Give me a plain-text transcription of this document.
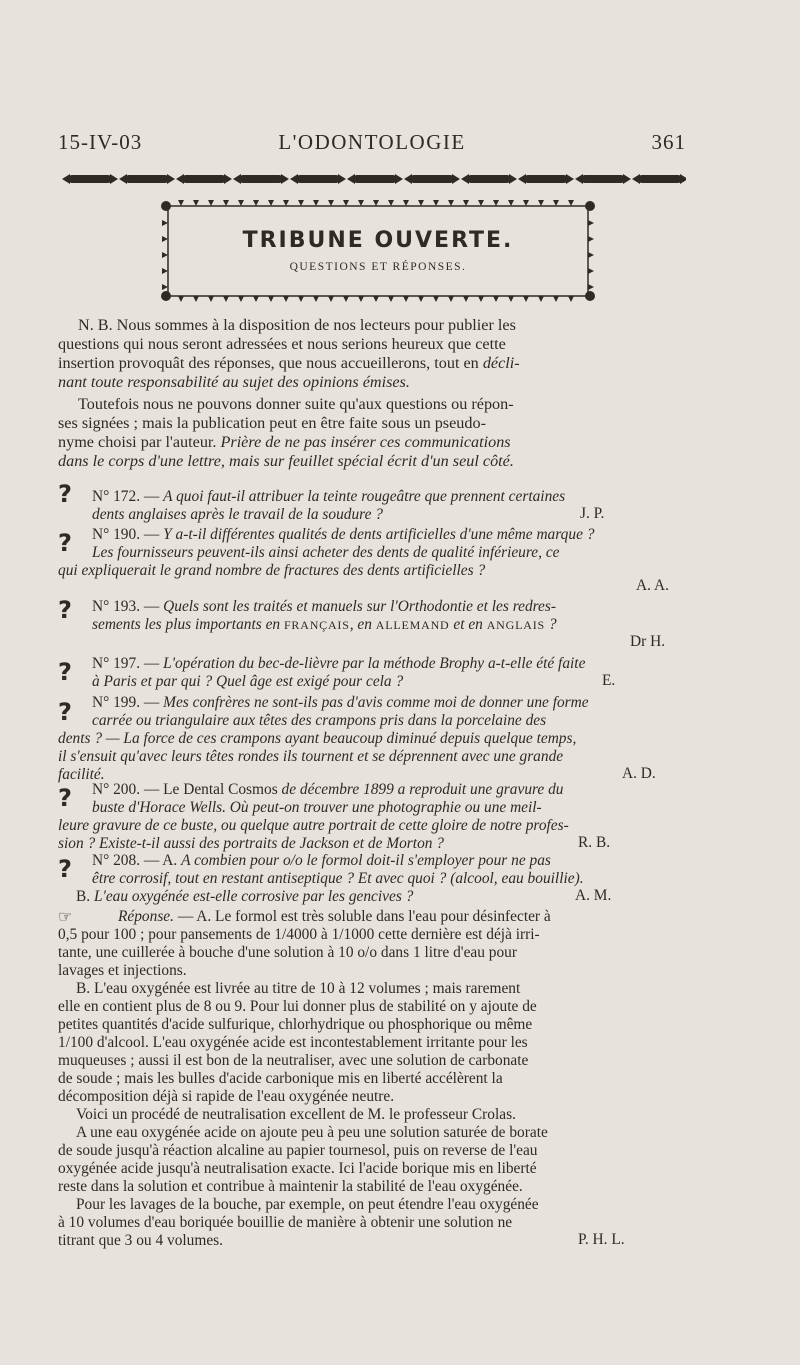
15-IV-03	L'ODONTOLOGIE	361
TRIBUNE OUVERTE.
QUESTIONS ET RÉPONSES.
N. B. Nous sommes à la disposition de nos lecteurs pour publier les
questions qui nous seront adressées et nous serions heureux que cette
insertion provoquât des réponses, que nous accueillerons, tout en décli-
nant toute responsabilité au sujet des opinions émises.
Toutefois nous ne pouvons donner suite qu'aux questions ou répon-
ses signées ; mais la publication peut en être faite sous un pseudo-
nyme choisi par l'auteur. Prière de ne pas insérer ces communications
dans le corps d'une lettre, mais sur feuillet spécial écrit d'un seul côté.
? N° 172. — A quoi faut-il attribuer la teinte rougeâtre que prennent certaines
dents anglaises après le travail de la soudure ?	J. P.
? N° 190. — Y a-t-il différentes qualités de dents artificielles d'une même marque ?
Les fournisseurs peuvent-ils ainsi acheter des dents de qualité inférieure, ce
qui expliquerait le grand nombre de fractures des dents artificielles ?
A. A.
? N° 193. — Quels sont les traités et manuels sur l'Orthodontie et les redres-
sements les plus importants en FRANÇAIS, en ALLEMAND et en ANGLAIS ?
Dr H.
? N° 197. — L'opération du bec-de-lièvre par la méthode Brophy a-t-elle été faite
à Paris et par qui ? Quel âge est exigé pour cela ?	E.
? N° 199. — Mes confrères ne sont-ils pas d'avis comme moi de donner une forme
carrée ou triangulaire aux têtes des crampons pris dans la porcelaine des
dents ? — La force de ces crampons ayant beaucoup diminué depuis quelque temps,
il s'ensuit qu'avec leurs têtes rondes ils tournent et se déprennent avec une grande
facilité.	A. D.
? N° 200. — Le Dental Cosmos de décembre 1899 a reproduit une gravure du
buste d'Horace Wells. Où peut-on trouver une photographie ou une meil-
leure gravure de ce buste, ou quelque autre portrait de cette gloire de notre profes-
sion ? Existe-t-il aussi des portraits de Jackson et de Morton ?	R. B.
? N° 208. — A. A combien pour o/o le formol doit-il s'employer pour ne pas
être corrosif, tout en restant antiseptique ? Et avec quoi ? (alcool, eau bouillie).
B. L'eau oxygénée est-elle corrosive par les gencives ?	A. M.
☞	Réponse. — A. Le formol est très soluble dans l'eau pour désinfecter à
0,5 pour 100 ; pour pansements de 1/4000 à 1/1000 cette dernière est déjà irri-
tante, une cuillerée à bouche d'une solution à 10 o/o dans 1 litre d'eau pour
lavages et injections.
B. L'eau oxygénée est livrée au titre de 10 à 12 volumes ; mais rarement
elle en contient plus de 8 ou 9. Pour lui donner plus de stabilité on y ajoute de
petites quantités d'acide sulfurique, chlorhydrique ou phosphorique ou même
1/100 d'alcool. L'eau oxygénée acide est incontestablement irritante pour les
muqueuses ; aussi il est bon de la neutraliser, avec une solution de carbonate
de soude ; mais les bulles d'acide carbonique mis en liberté accélèrent la
décomposition déjà si rapide de l'eau oxygénée neutre.
Voici un procédé de neutralisation excellent de M. le professeur Crolas.
A une eau oxygénée acide on ajoute peu à peu une solution saturée de borate
de soude jusqu'à réaction alcaline au papier tournesol, puis on reverse de l'eau
oxygénée acide jusqu'à neutralisation exacte. Ici l'acide borique mis en liberté
reste dans la solution et contribue à maintenir la stabilité de l'eau oxygénée.
Pour les lavages de la bouche, par exemple, on peut étendre l'eau oxygénée
à 10 volumes d'eau boriquée bouillie de manière à obtenir une solution ne
titrant que 3 ou 4 volumes.	P. H. L.
